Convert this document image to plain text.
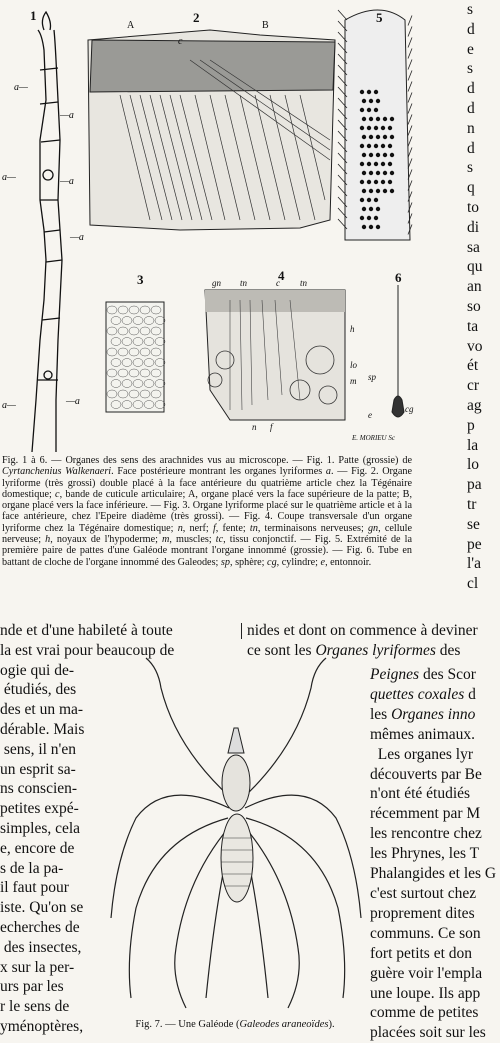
a—
—a
a—	—a
—a
a—	—a
A
c
B
gn tn	c tn
h
lo
m
n f
sp
e
cg
1	2
3	4
5
6
E. MORIEU Sc
Fig. 1 à 6. — Organes des sens des arachnides vus au microscope. — Fig. 1. Patte (grossie) de Cyrtanchenius Walkenaeri. Face postérieure montrant les organes lyriformes a. — Fig. 2. Organe lyriforme (très grossi) double placé à la face antérieure du quatrième article chez la Tégénaire domestique; c, bande de cuticule articulaire; A, organe placé vers la face supérieure de la patte; B, organe placé vers la face inférieure. — Fig. 3. Organe lyriforme placé sur le quatrième article et à la face antérieure, chez l'Epeire diadème (très grossi). — Fig. 4. Coupe transversale d'un organe lyriforme chez la Tégénaire domestique; n, nerf; f, fente; tn, terminaisons nerveuses; gn, cellule nerveuse; h, noyaux de l'hypoderme; m, muscles; tc, tissu conjonctif. — Fig. 5. Extrémité de la première paire de pattes d'une Galéode montrant l'organe innommé (grossie). — Fig. 6. Tube en battant de cloche de l'organe innommé des Galeodes; sp, sphère; cg, cylindre; e, entonnoir.
s
d
e
s
d
d
n
d
s
q
to
di
sa
qu
an
so
ta
vo
ét
cr
ag
p
la
lo
pa
tr
se
pe
l'a
cl
nde et d'une habileté à toute
la est vrai pour beaucoup de
ogie qui de-
étudiés, des
des et un ma-
dérable. Mais
sens, il n'en
un esprit sa-
ns conscien-
petites expé-
simples, cela
e, encore de
s de la pa-
il faut pour
iste. Qu'on se
echerches de
des insectes,
x sur la per-
urs par les
r le sens de
yménoptères,
nides et dont on commence à deviner
ce sont les Organes lyriformes des
Fig. 7. — Une Galéode (Galeodes araneoïdes).
Peignes des Scor
quettes coxales d
les Organes inno
mêmes animaux.
Les organes lyr
découverts par Be
n'ont été étudiés
récemment par M
les rencontre chez
les Phrynes, les T
Phalangides et les G
c'est surtout chez
proprement dites
communs. Ce son
fort petits et don
guère voir l'empla
une loupe. Ils app
comme de petites
placées soit sur les
